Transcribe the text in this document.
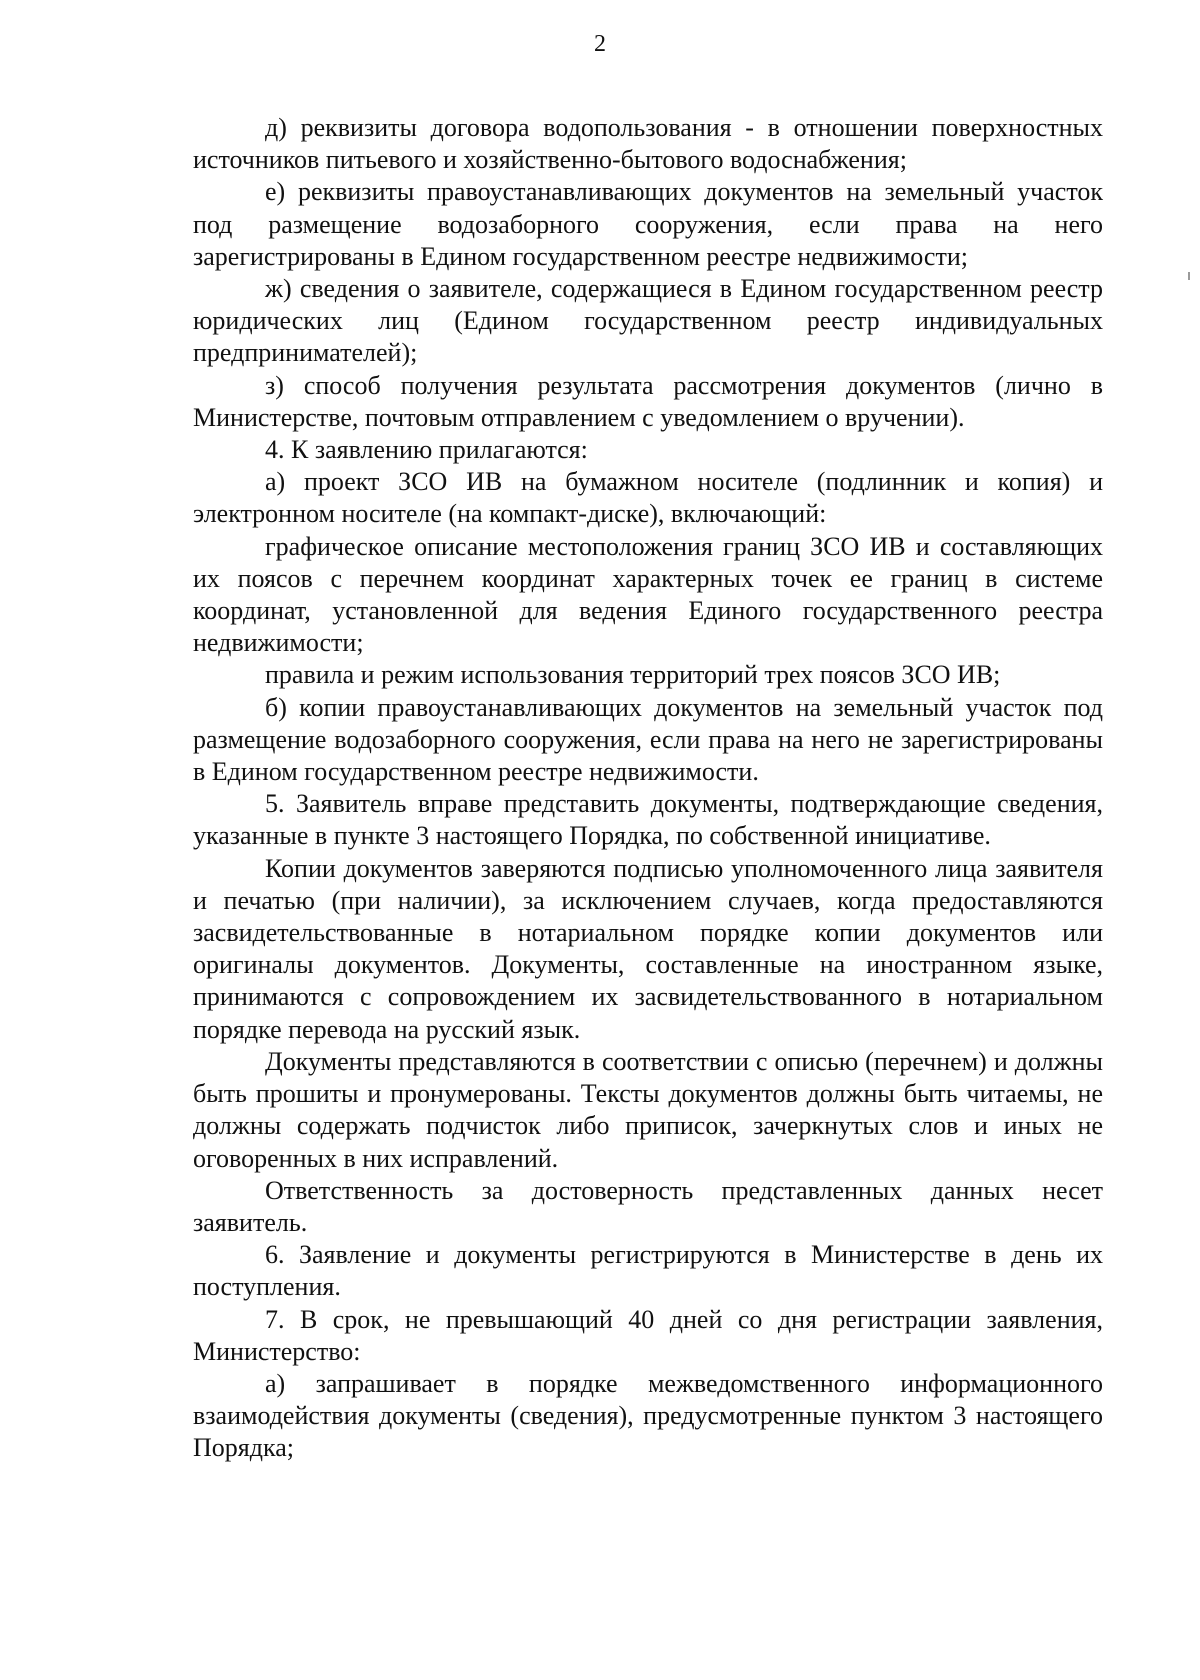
2

д) реквизиты договора водопользования - в отношении поверхностных источников питьевого и хозяйственно-бытового водоснабжения;

е) реквизиты правоустанавливающих документов на земельный участок под размещение водозаборного сооружения, если права на него зарегистрированы в Едином государственном реестре недвижимости;

ж) сведения о заявителе, содержащиеся в Едином государственном реестр юридических лиц (Едином государственном реестр индивидуальных предпринимателей);

з) способ получения результата рассмотрения документов (лично в Министерстве, почтовым отправлением с уведомлением о вручении).

4. К заявлению прилагаются:

а) проект ЗСО ИВ на бумажном носителе (подлинник и копия) и электронном носителе (на компакт-диске), включающий:

графическое описание местоположения границ ЗСО ИВ и составляющих их поясов с перечнем координат характерных точек ее границ в системе координат, установленной для ведения Единого государственного реестра недвижимости;

правила и режим использования территорий трех поясов ЗСО ИВ;

б) копии правоустанавливающих документов на земельный участок под размещение водозаборного сооружения, если права на него не зарегистрированы в Едином государственном реестре недвижимости.

5. Заявитель вправе представить документы, подтверждающие сведения, указанные в пункте 3 настоящего Порядка, по собственной инициативе.

Копии документов заверяются подписью уполномоченного лица заявителя и печатью (при наличии), за исключением случаев, когда предоставляются засвидетельствованные в нотариальном порядке копии документов или оригиналы документов. Документы, составленные на иностранном языке, принимаются с сопровождением их засвидетельствованного в нотариальном порядке перевода на русский язык.

Документы представляются в соответствии с описью (перечнем) и должны быть прошиты и пронумерованы. Тексты документов должны быть читаемы, не должны содержать подчисток либо приписок, зачеркнутых слов и иных не оговоренных в них исправлений.

Ответственность за достоверность представленных данных несет заявитель.

6. Заявление и документы регистрируются в Министерстве в день их поступления.

7. В срок, не превышающий 40 дней со дня регистрации заявления, Министерство:

а) запрашивает в порядке межведомственного информационного взаимодействия документы (сведения), предусмотренные пунктом 3 настоящего Порядка;
